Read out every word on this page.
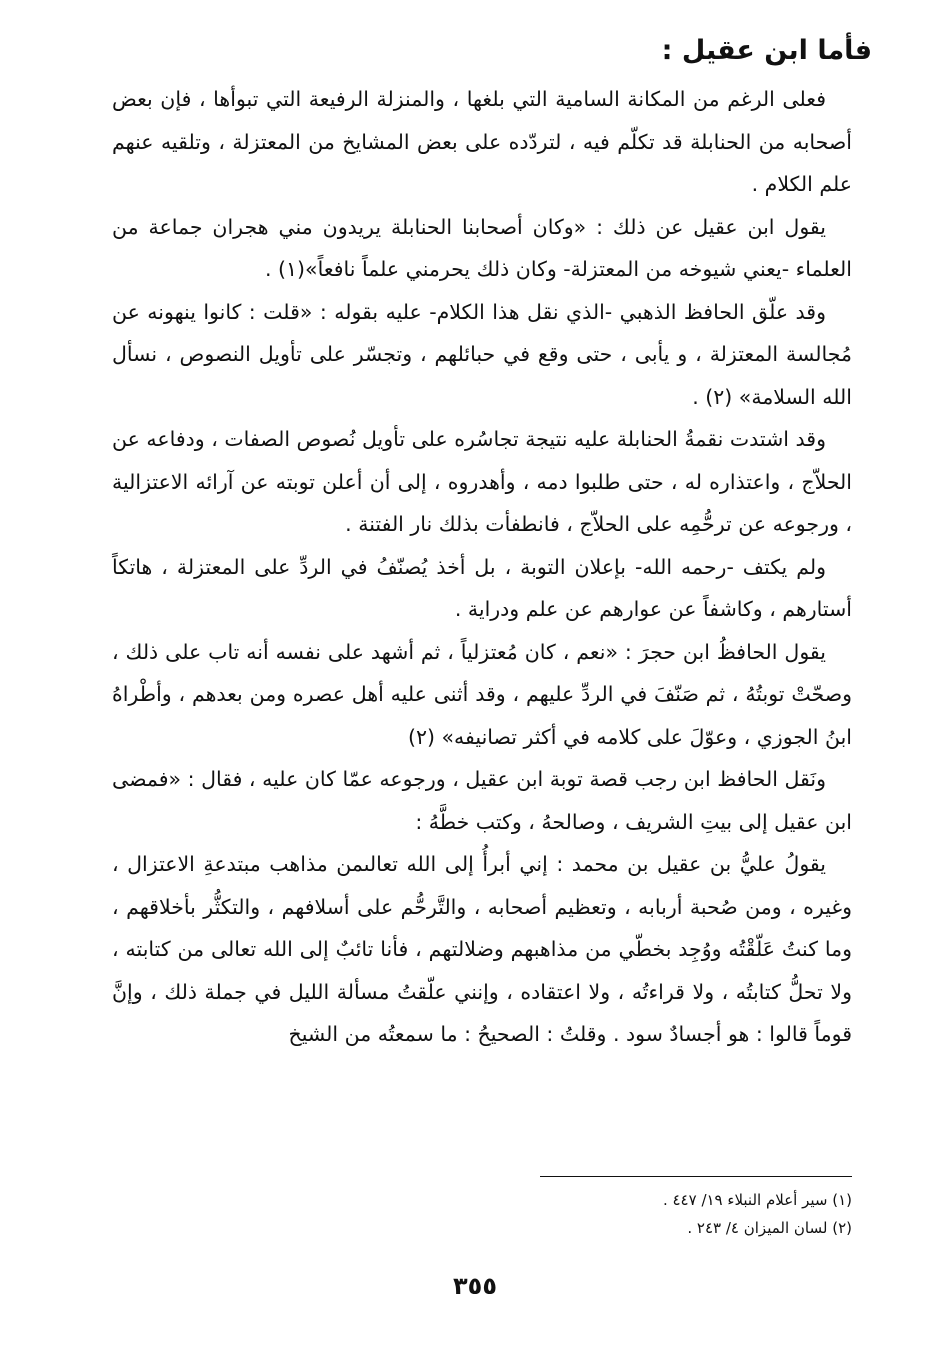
فأما ابن عقيل :

فعلى الرغم من المكانة السامية التي بلغها ، والمنزلة الرفيعة التي تبوأها ، فإن بعض أصحابه من الحنابلة قد تكلّم فيه ، لتردّده على بعض المشايخ من المعتزلة ، وتلقيه عنهم علم الكلام .

يقول ابن عقيل عن ذلك : «وكان أصحابنا الحنابلة يريدون مني هجران جماعة من العلماء -يعني شيوخه من المعتزلة- وكان ذلك يحرمني علماً نافعاً»(١) .

وقد علّق الحافظ الذهبي -الذي نقل هذا الكلام- عليه بقوله : «قلت : كانوا ينهونه عن مُجالسة المعتزلة ، و يأبى ، حتى وقع في حبائلهم ، وتجسّر على تأويل النصوص ، نسأل الله السلامة» (٢) .

وقد اشتدت نقمةُ الحنابلة عليه نتيجة تجاسُره على تأويل نُصوص الصفات ، ودفاعه عن الحلاّج ، واعتذاره له ، حتى طلبوا دمه ، وأهدروه ، إلى أن أعلن توبته عن آرائه الاعتزالية ، ورجوعه عن ترحُّمِه على الحلاّج ، فانطفأت بذلك نار الفتنة .

ولم يكتف -رحمه الله- بإعلان التوبة ، بل أخذ يُصنّفُ في الردِّ على المعتزلة ، هاتكاً أستارهم ، وكاشفاً عن عوارهم عن علم ودراية .

يقول الحافظُ ابن حجرَ : «نعم ، كان مُعتزلياً ، ثم أشهد على نفسه أنه تاب على ذلك ، وصحّتْ توبتُهُ ، ثم صَنّفَ في الردِّ عليهم ، وقد أثنى عليه أهل عصره ومن بعدهم ، وأطْراهُ ابنُ الجوزي ، وعوّلَ على كلامه في أكثر تصانيفه» (٢)

ونَقل الحافظ ابن رجب قصة توبة ابن عقيل ، ورجوعه عمّا كان عليه ، فقال : «فمضى ابن عقيل إلى بيتِ الشريف ، وصالحهُ ، وكتب خطَّهُ :

يقولُ عليُّ بن عقيل بن محمد : إني أبرأُ إلى الله تعالىمن مذاهب مبتدعةِ الاعتزال ، وغيره ، ومن صُحبة أربابه ، وتعظيم أصحابه ، والتَّرحُّم على أسلافهم ، والتكثُّر بأخلاقهم ، وما كنتُ عَلّقْتُه ووُجِد بخطّي من مذاهبهم وضلالتهم ، فأنا تائبٌ إلى الله تعالى من كتابته ، ولا تحلُّ كتابتُه ، ولا قراءتُه ، ولا اعتقاده ، وإنني علّقتُ مسألة الليل في جملة ذلك ، وإنَّ قوماً قالوا : هو أجسادٌ سود . وقلتُ : الصحيحُ : ما سمعتُه من الشيخ

(١) سير أعلام النبلاء ١٩/ ٤٤٧ .

(٢) لسان الميزان ٤/ ٢٤٣ .

٣٥٥
